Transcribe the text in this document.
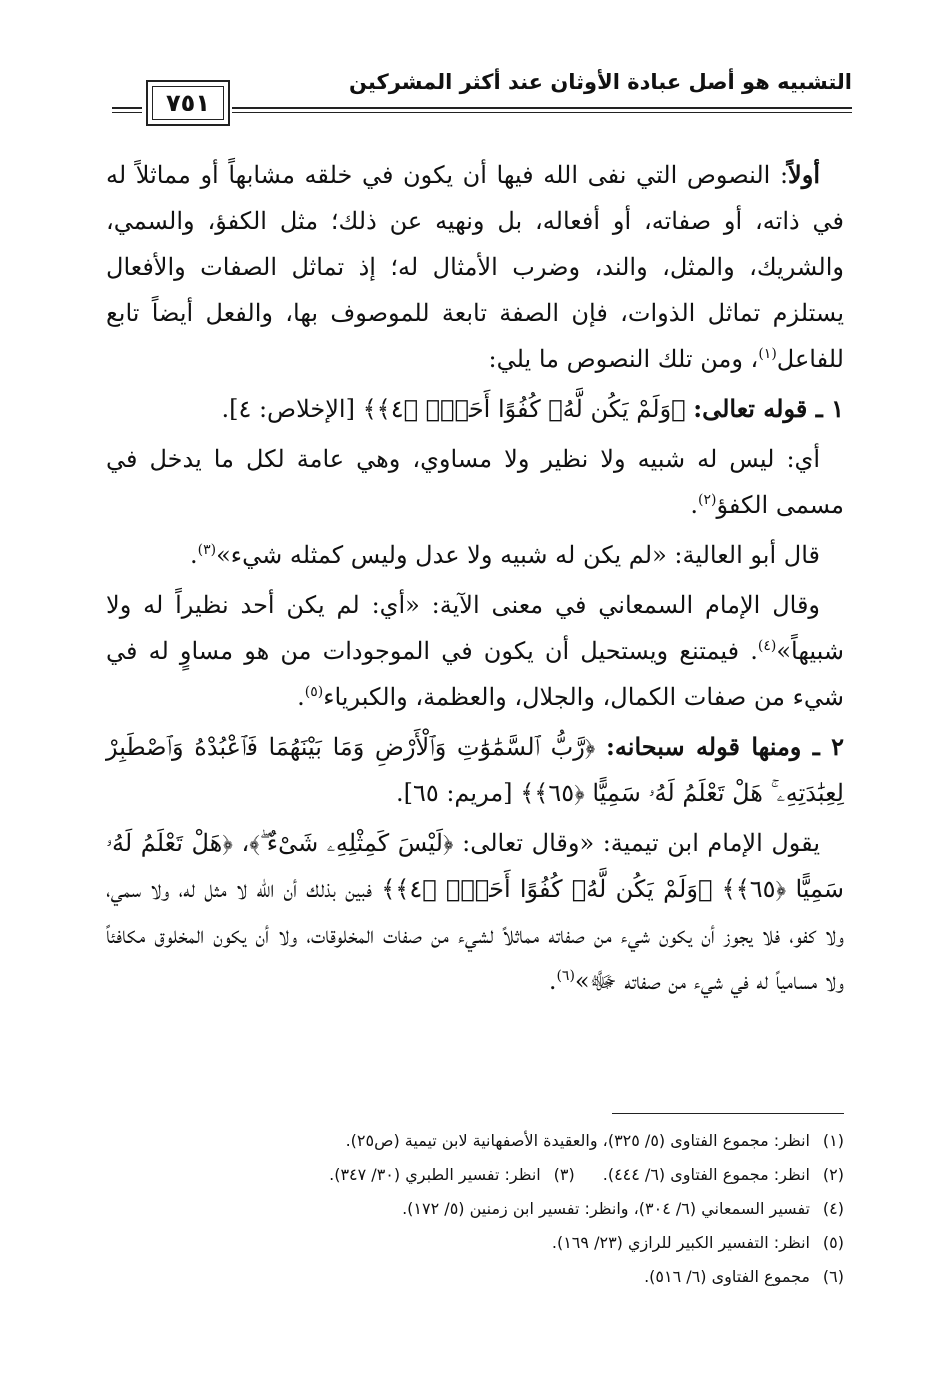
التشبيه هو أصل عبادة الأوثان عند أكثر المشركين
٧٥١

أولاً: النصوص التي نفى الله فيها أن يكون في خلقه مشابهاً أو مماثلاً له في ذاته، أو صفاته، أو أفعاله، بل ونهيه عن ذلك؛ مثل الكفؤ، والسمي، والشريك، والمثل، والند، وضرب الأمثال له؛ إذ تماثل الصفات والأفعال يستلزم تماثل الذوات، فإن الصفة تابعة للموصوف بها، والفعل أيضاً تابع للفاعل$^{(١)}$، ومن تلك النصوص ما يلي:

١ ـ قوله تعالى: ﴿وَلَمْ يَكُن لَّهُۥ كُفُوًا أَحَدٌۢ ﴿٤﴾﴾ [الإخلاص: ٤].

أي: ليس له شبيه ولا نظير ولا مساوي، وهي عامة لكل ما يدخل في مسمى الكفؤ$^{(٢)}$.

قال أبو العالية: «لم يكن له شبيه ولا عدل وليس كمثله شيء»$^{(٣)}$.

وقال الإمام السمعاني في معنى الآية: «أي: لم يكن أحد نظيراً له ولا شبيهاً»$^{(٤)}$. فيمتنع ويستحيل أن يكون في الموجودات من هو مساوٍ له في شيء من صفات الكمال، والجلال، والعظمة، والكبرياء$^{(٥)}$.

٢ ـ ومنها قوله سبحانه: ﴿رَّبُّ ٱلسَّمَٰوَٰتِ وَٱلْأَرْضِ وَمَا بَيْنَهُمَا فَٱعْبُدْهُ وَٱصْطَبِرْ لِعِبَٰدَتِهِۦ ۚ هَلْ تَعْلَمُ لَهُۥ سَمِيًّا ﴿٦٥﴾﴾ [مريم: ٦٥].

يقول الإمام ابن تيمية: «وقال تعالى: ﴿لَيْسَ كَمِثْلِهِۦ شَىْءٌ ۖ﴾، ﴿هَلْ تَعْلَمُ لَهُۥ سَمِيًّا ﴿٦٥﴾﴾ ﴿وَلَمْ يَكُن لَّهُۥ كُفُوًا أَحَدٌۢ ﴿٤﴾﴾ فبين بذلك أن الله لا مثل له، ولا سمي، ولا كفو، فلا يجوز أن يكون شيء من صفاته مماثلاً لشيء من صفات المخلوقات، ولا أن يكون المخلوق مكافئاً ولا مسامياً له في شيء من صفاته ﷻ»$^{(٦)}$.

(١)انظر: مجموع الفتاوى (٥/ ٣٢٥)، والعقيدة الأصفهانية لابن تيمية (ص٢٥).
(٢)انظر: مجموع الفتاوى (٦/ ٤٤٤).(٣)انظر: تفسير الطبري (٣٠/ ٣٤٧).
(٤)تفسير السمعاني (٦/ ٣٠٤)، وانظر: تفسير ابن زمنين (٥/ ١٧٢).
(٥)انظر: التفسير الكبير للرازي (٢٣/ ١٦٩).
(٦)مجموع الفتاوى (٦/ ٥١٦).
